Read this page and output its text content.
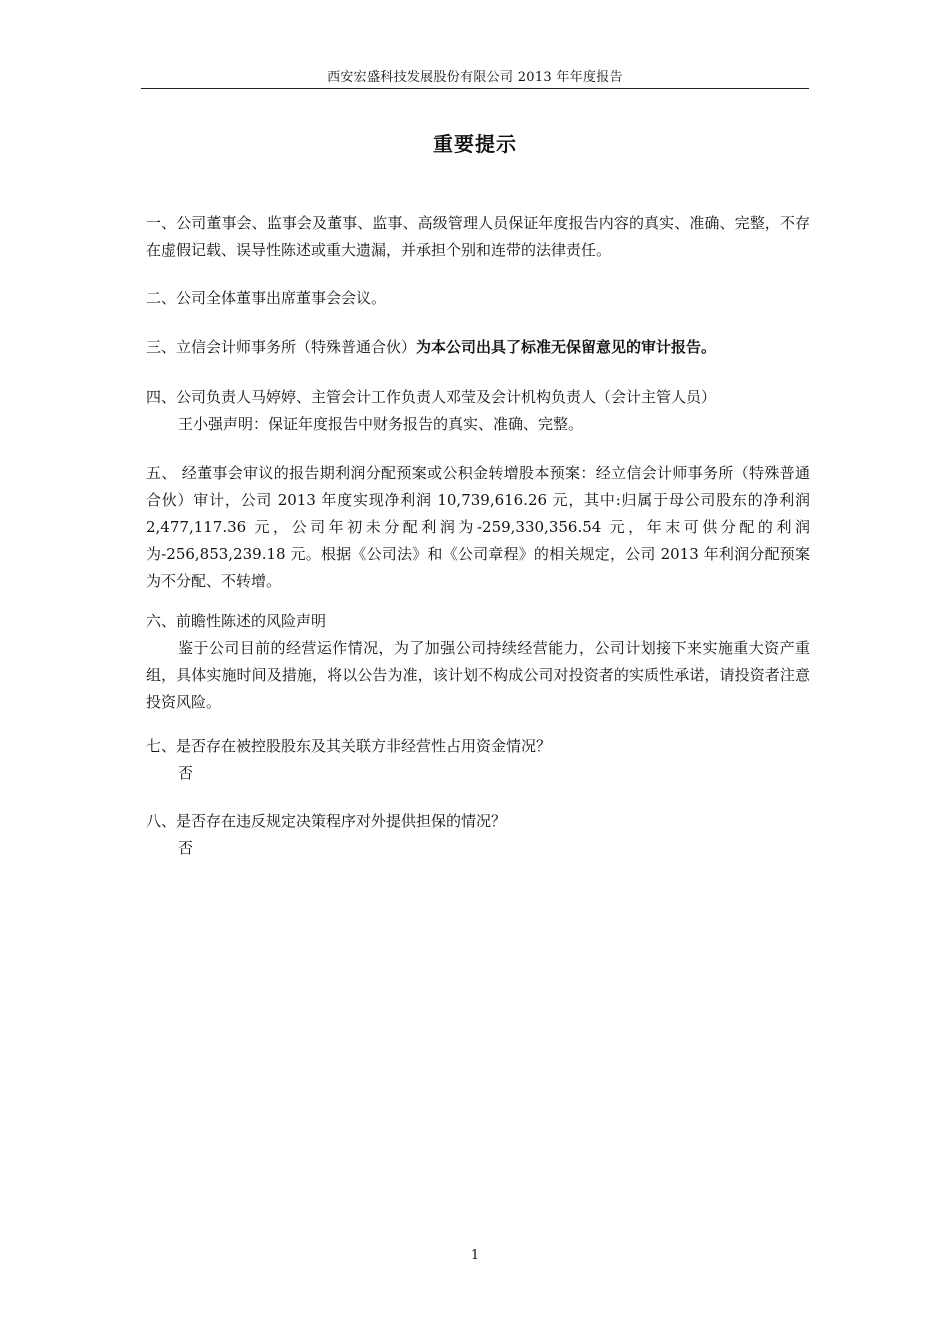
西安宏盛科技发展股份有限公司 2013 年年度报告
重要提示

一、公司董事会、监事会及董事、监事、高级管理人员保证年度报告内容的真实、准确、完整，不存在虚假记载、误导性陈述或重大遗漏，并承担个别和连带的法律责任。

二、公司全体董事出席董事会会议。

三、立信会计师事务所（特殊普通合伙）为本公司出具了标准无保留意见的审计报告。

四、公司负责人马婷婷、主管会计工作负责人邓莹及会计机构负责人（会计主管人员）

王小强声明：保证年度报告中财务报告的真实、准确、完整。

五、 经董事会审议的报告期利润分配预案或公积金转增股本预案：经立信会计师事务所（特殊普通合伙）审计，公司 2013 年度实现净利润 10,739,616.26 元，其中:归属于母公司股东的净利润 2,477,117.36 元，公司年初未分配利润为-259,330,356.54 元，年末可供分配的利润为-256,853,239.18 元。根据《公司法》和《公司章程》的相关规定，公司 2013 年利润分配预案为不分配、不转增。

六、前瞻性陈述的风险声明

鉴于公司目前的经营运作情况，为了加强公司持续经营能力，公司计划接下来实施重大资产重组，具体实施时间及措施，将以公告为准，该计划不构成公司对投资者的实质性承诺，请投资者注意投资风险。

七、是否存在被控股股东及其关联方非经营性占用资金情况？

否

八、是否存在违反规定决策程序对外提供担保的情况？

否

1
